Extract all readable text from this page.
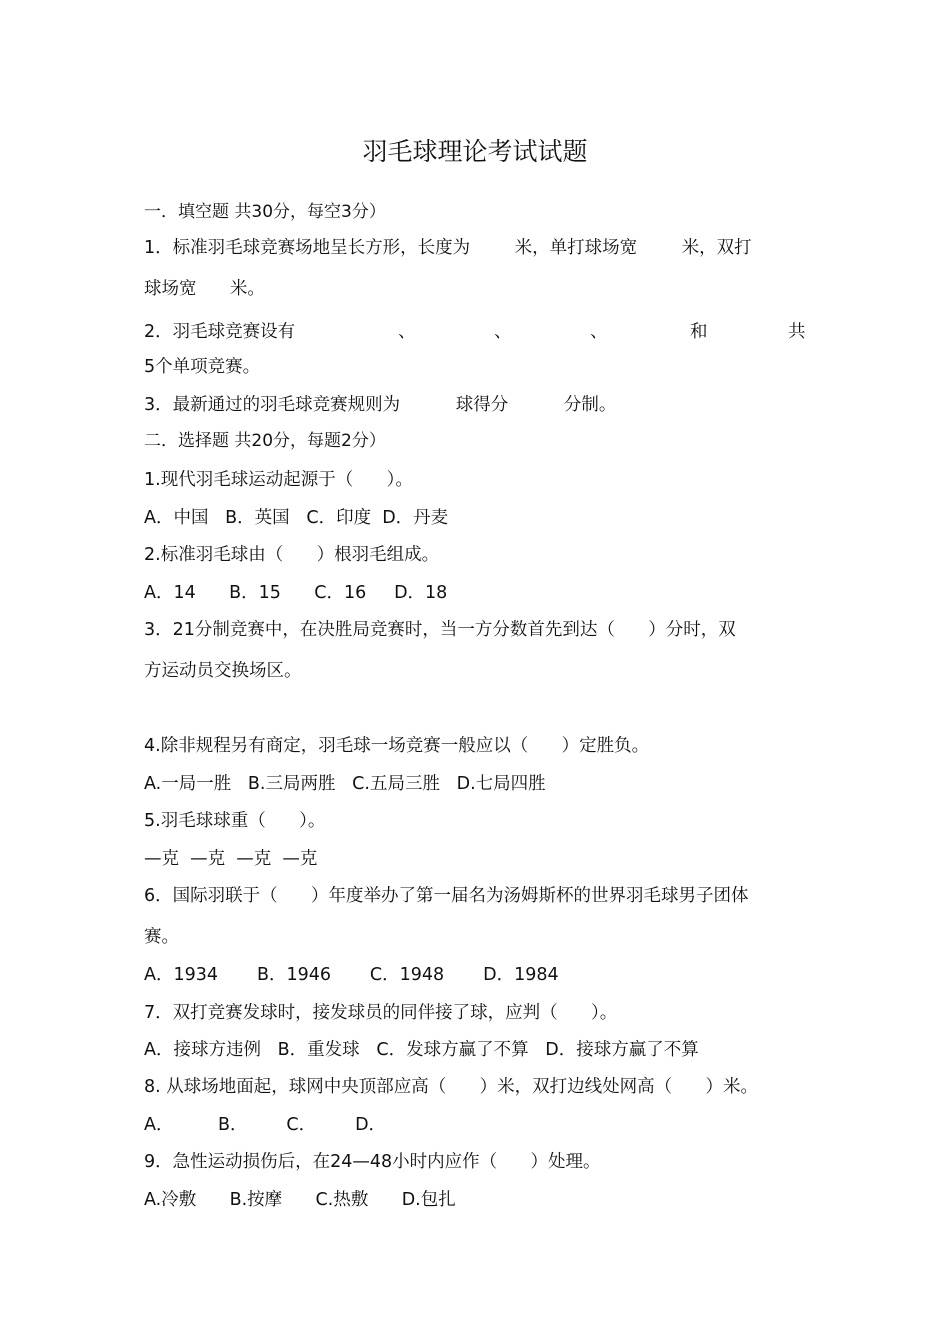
羽毛球理论考试试题
一．填空题 共30分，每空3分）
1．标准羽毛球竞赛场地呈长方形，长度为        米，单打球场宽        米，双打
球场宽      米。
2．羽毛球竞赛设有	、	、	、	和	共
5个单项竞赛。
3．最新通过的羽毛球竞赛规则为          球得分          分制。
二．选择题 共20分，每题2分）
1.现代羽毛球运动起源于（      ）。
A．中国   B．英国   C．印度  D．丹麦
2.标准羽毛球由（      ）根羽毛组成。
A．14      B．15      C．16     D．18
3．21分制竞赛中，在决胜局竞赛时，当一方分数首先到达（      ）分时，双
方运动员交换场区。
4.除非规程另有商定，羽毛球一场竞赛一般应以（      ）定胜负。
A.一局一胜   B.三局两胜   C.五局三胜   D.七局四胜
5.羽毛球球重（      ）。
—克  —克  —克  —克
6．国际羽联于（      ）年度举办了第一届名为汤姆斯杯的世界羽毛球男子团体
赛。
A．1934       B．1946       C．1948       D．1984
7．双打竞赛发球时，接发球员的同伴接了球，应判（      ）。
A．接球方违例   B．重发球   C．发球方赢了不算   D．接球方赢了不算
8. 从球场地面起，球网中央顶部应高（      ）米，双打边线处网高（      ）米。
A．        B．       C．       D．
9．急性运动损伤后，在24—48小时内应作（      ）处理。
A.冷敷      B.按摩      C.热敷      D.包扎
